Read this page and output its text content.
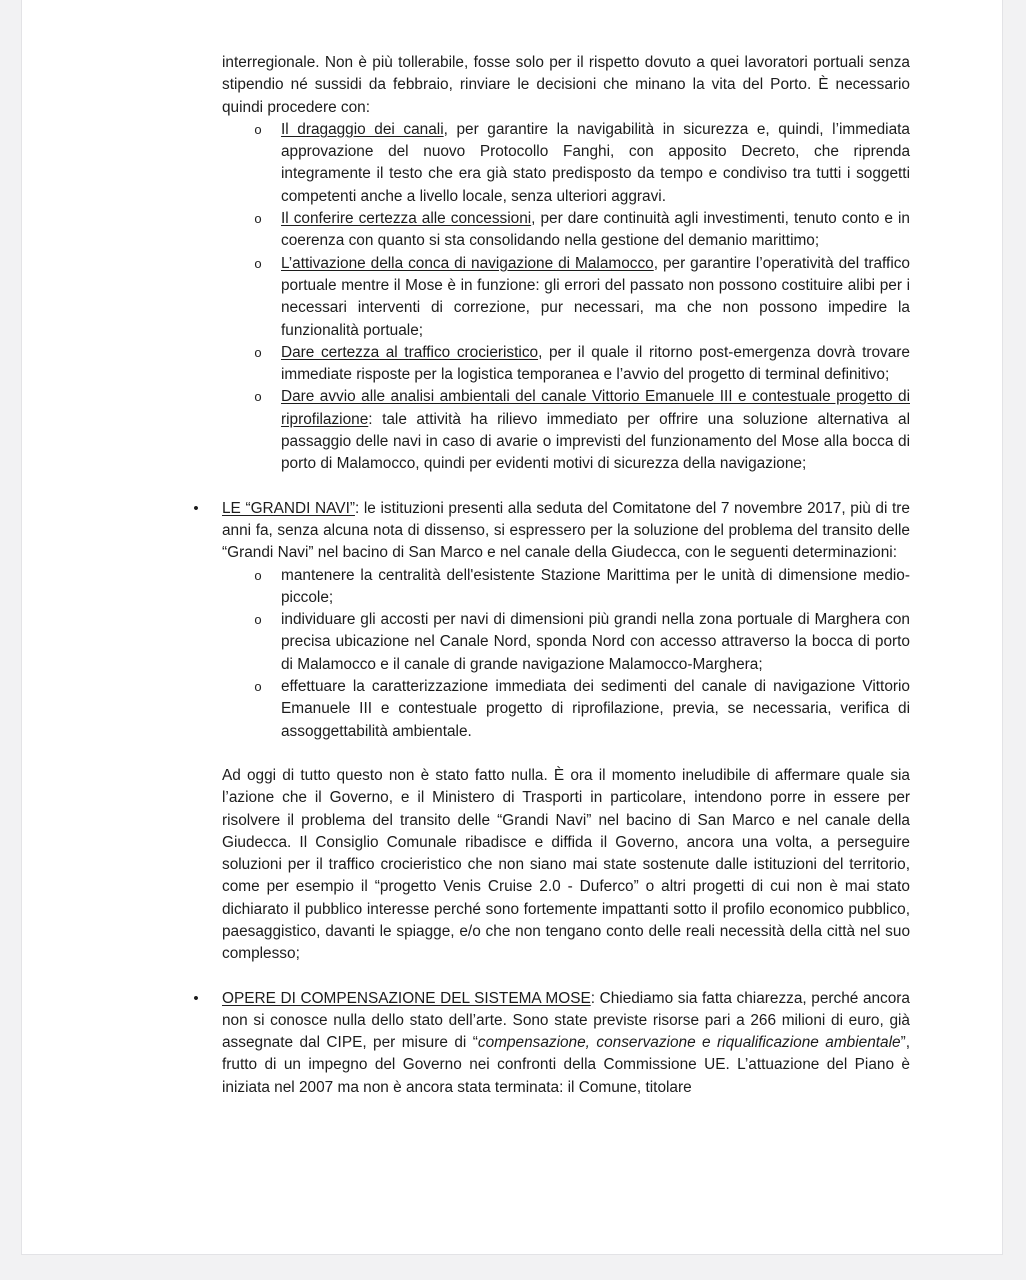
interregionale. Non è più tollerabile, fosse solo per il rispetto dovuto a quei lavoratori portuali senza stipendio né sussidi da febbraio, rinviare le decisioni che minano la vita del Porto. È necessario quindi procedere con:

o Il dragaggio dei canali, per garantire la navigabilità in sicurezza e, quindi, l’immediata approvazione del nuovo Protocollo Fanghi, con apposito Decreto, che riprenda integramente il testo che era già stato predisposto da tempo e condiviso tra tutti i soggetti competenti anche a livello locale, senza ulteriori aggravi.
o Il conferire certezza alle concessioni, per dare continuità agli investimenti, tenuto conto e in coerenza con quanto si sta consolidando nella gestione del demanio marittimo;
o L’attivazione della conca di navigazione di Malamocco, per garantire l’operatività del traffico portuale mentre il Mose è in funzione: gli errori del passato non possono costituire alibi per i necessari interventi di correzione, pur necessari, ma che non possono impedire la funzionalità portuale;
o Dare certezza al traffico crocieristico, per il quale il ritorno post-emergenza dovrà trovare immediate risposte per la logistica temporanea e l’avvio del progetto di terminal definitivo;
o Dare avvio alle analisi ambientali del canale Vittorio Emanuele III e contestuale progetto di riprofilazione: tale attività ha rilievo immediato per offrire una soluzione alternativa al passaggio delle navi in caso di avarie o imprevisti del funzionamento del Mose alla bocca di porto di Malamocco, quindi per evidenti motivi di sicurezza della navigazione;
• LE “GRANDI NAVI”: le istituzioni presenti alla seduta del Comitatone del 7 novembre 2017, più di tre anni fa, senza alcuna nota di dissenso, si espressero per la soluzione del problema del transito delle “Grandi Navi” nel bacino di San Marco e nel canale della Giudecca, con le seguenti determinazioni:

o mantenere la centralità dell'esistente Stazione Marittima per le unità di dimensione medio-piccole;
o individuare gli accosti per navi di dimensioni più grandi nella zona portuale di Marghera con precisa ubicazione nel Canale Nord, sponda Nord con accesso attraverso la bocca di porto di Malamocco e il canale di grande navigazione Malamocco-Marghera;
o effettuare la caratterizzazione immediata dei sedimenti del canale di navigazione Vittorio Emanuele III e contestuale progetto di riprofilazione, previa, se necessaria, verifica di assoggettabilità ambientale.

Ad oggi di tutto questo non è stato fatto nulla. È ora il momento ineludibile di affermare quale sia l’azione che il Governo, e il Ministero di Trasporti in particolare, intendono porre in essere per risolvere il problema del transito delle “Grandi Navi” nel bacino di San Marco e nel canale della Giudecca. Il Consiglio Comunale ribadisce e diffida il Governo, ancora una volta, a perseguire soluzioni per il traffico crocieristico che non siano mai state sostenute dalle istituzioni del territorio, come per esempio il “progetto Venis Cruise 2.0 - Duferco” o altri progetti di cui non è mai stato dichiarato il pubblico interesse perché sono fortemente impattanti sotto il profilo economico pubblico, paesaggistico, davanti le spiagge, e/o che non tengano conto delle reali necessità della città nel suo complesso;

• OPERE DI COMPENSAZIONE DEL SISTEMA MOSE: Chiediamo sia fatta chiarezza, perché ancora non si conosce nulla dello stato dell’arte. Sono state previste risorse pari a 266 milioni di euro, già assegnate dal CIPE, per misure di “compensazione, conservazione e riqualificazione ambientale”, frutto di un impegno del Governo nei confronti della Commissione UE. L’attuazione del Piano è iniziata nel 2007 ma non è ancora stata terminata: il Comune, titolare
